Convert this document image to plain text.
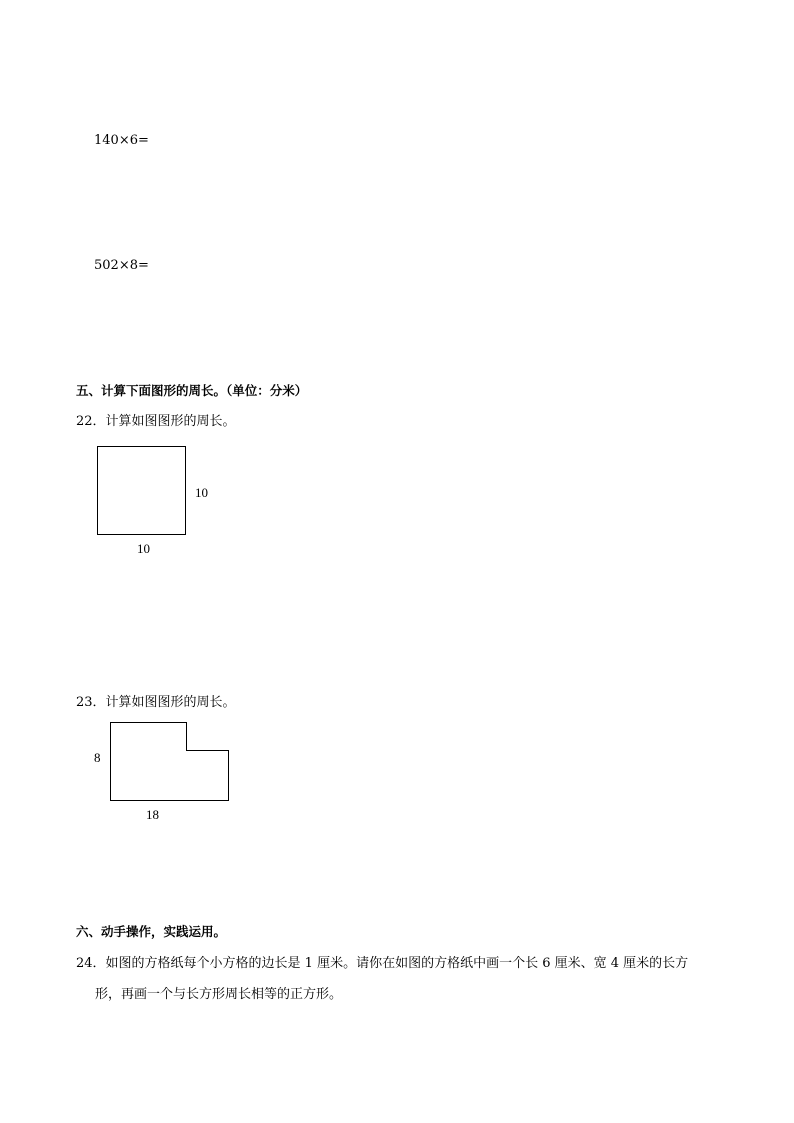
140×6=
502×8=
五、计算下面图形的周长。（单位：分米）
22．计算如图图形的周长。
10
10
23．计算如图图形的周长。
8
18
六、动手操作，实践运用。
24．如图的方格纸每个小方格的边长是 1 厘米。请你在如图的方格纸中画一个长 6 厘米、宽 4 厘米的长方
形，再画一个与长方形周长相等的正方形。
